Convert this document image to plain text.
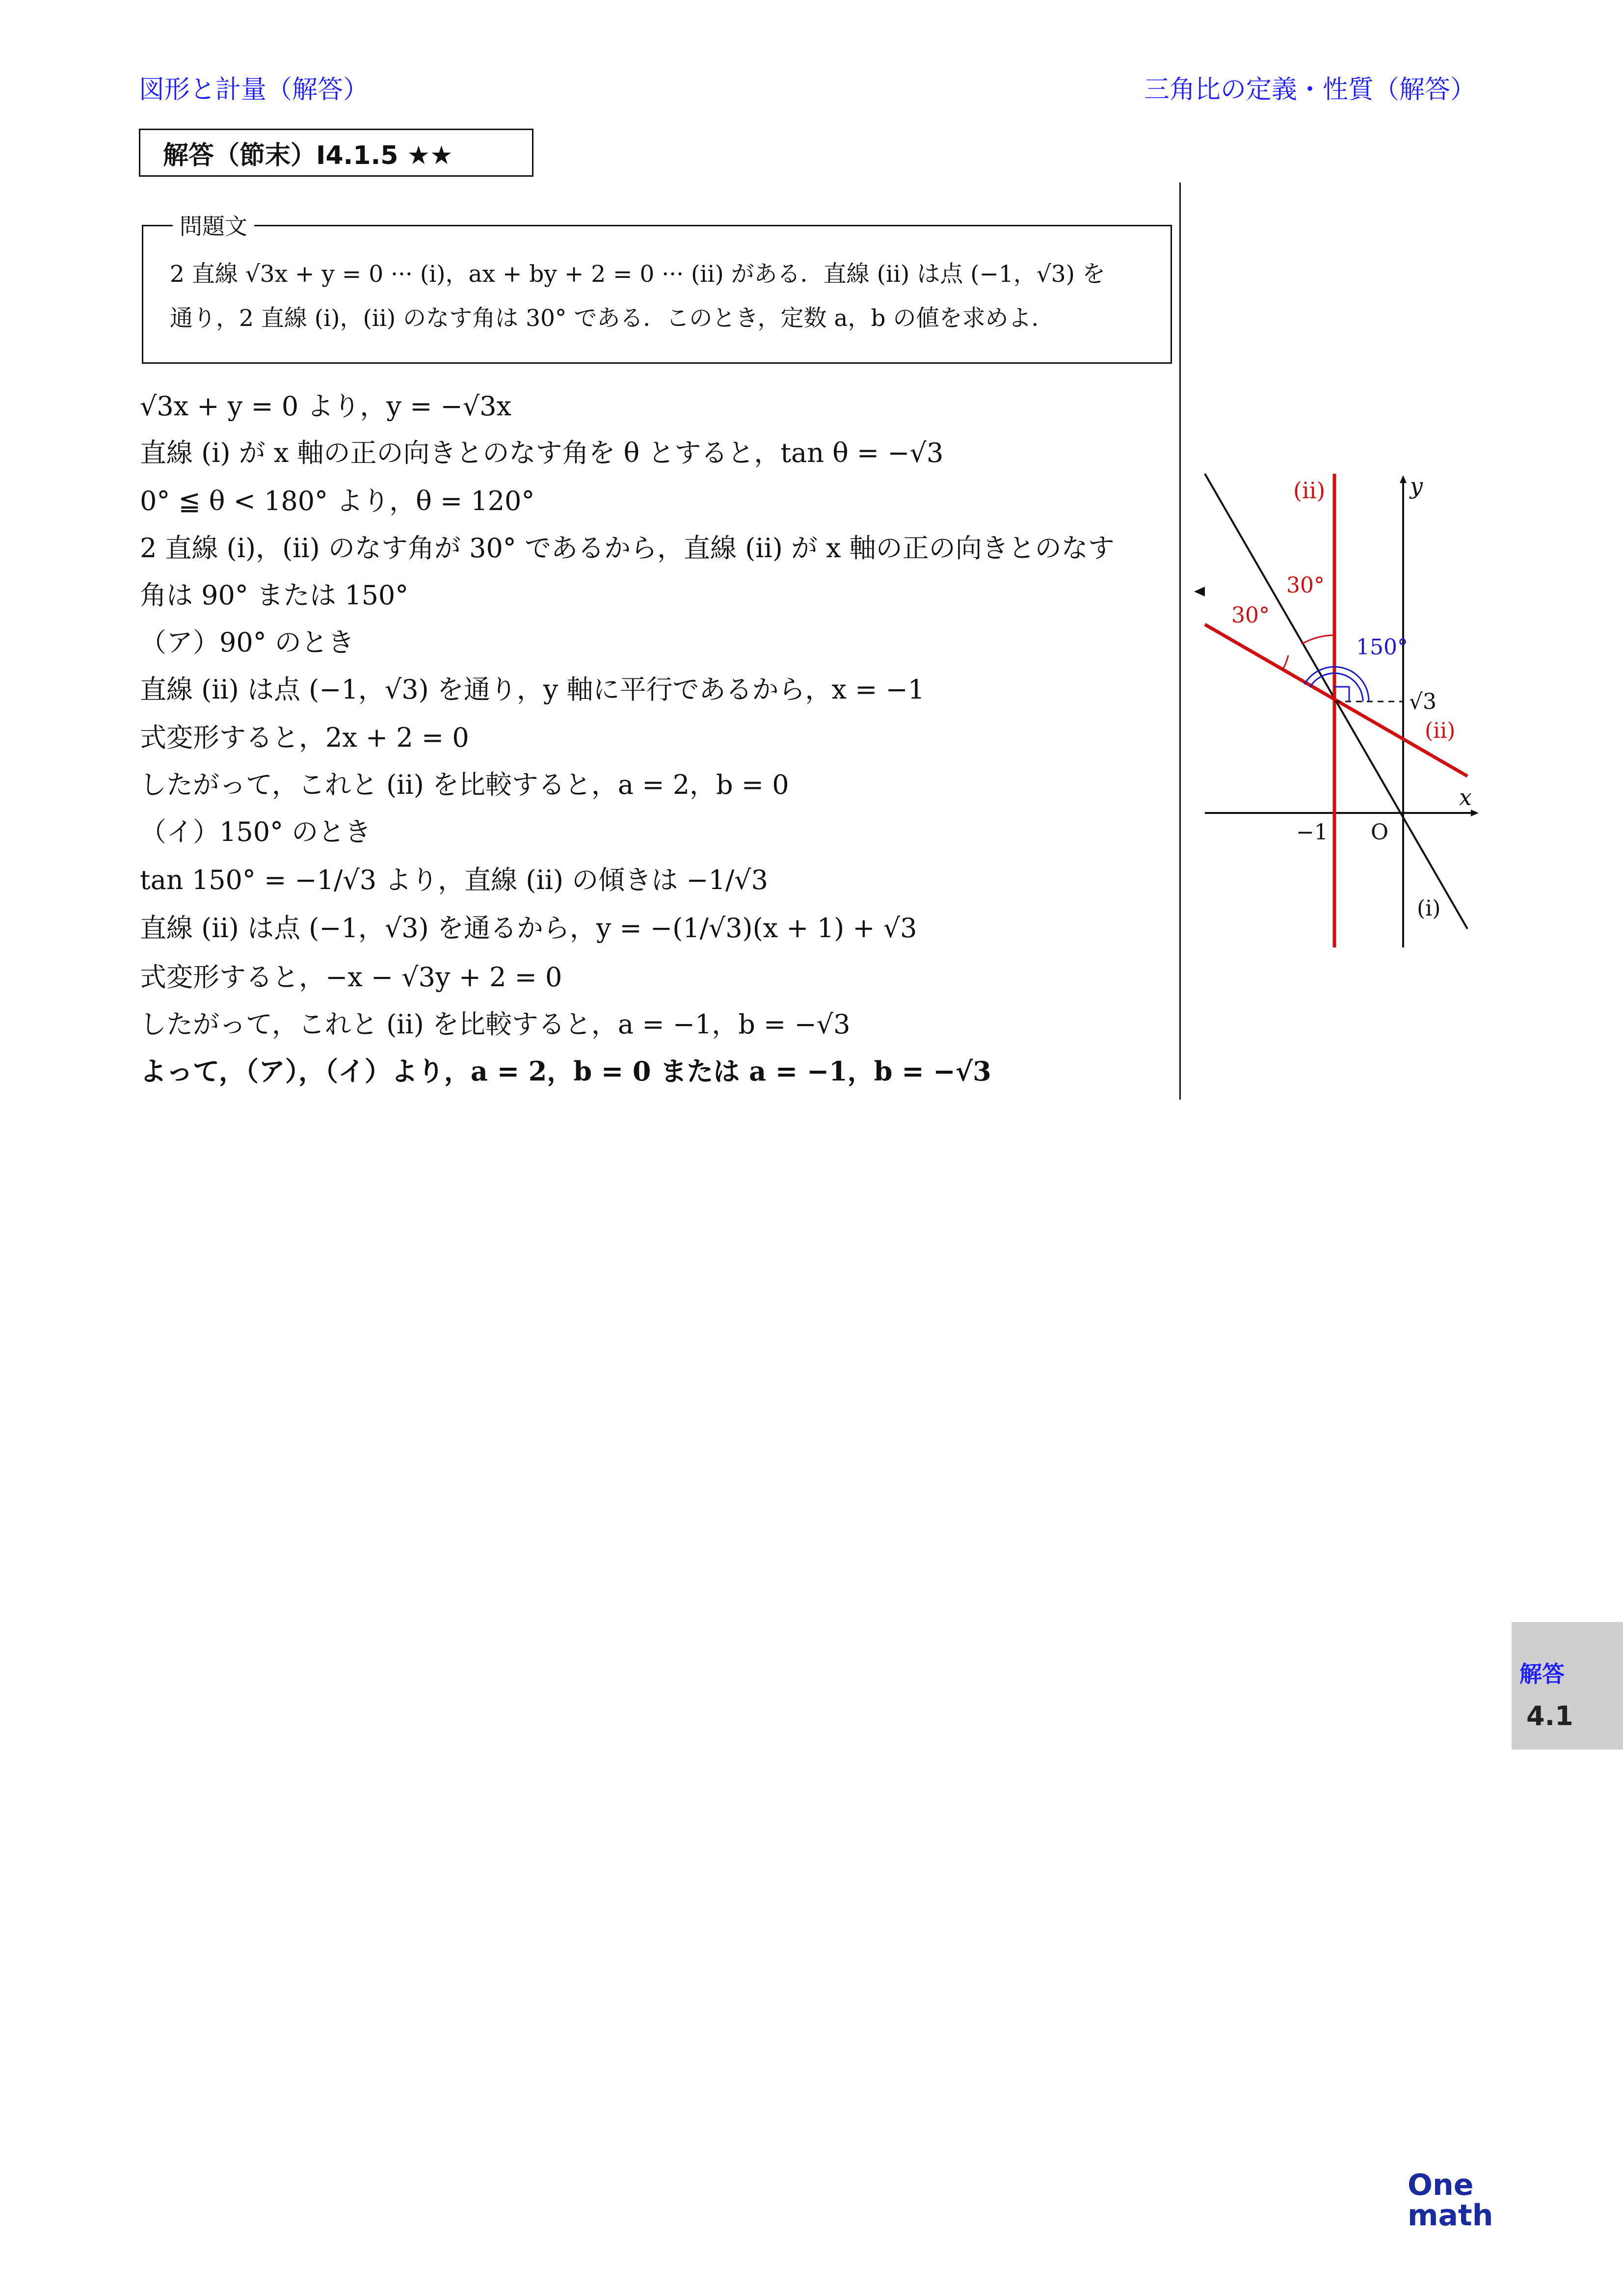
図形と計量（解答）	三角比の定義・性質（解答）
解答（節末）I4.1.5 ★★
問題文
2 直線 √3x + y = 0 ··· (i)，ax + by + 2 = 0 ··· (ii) がある．直線 (ii) は点 (−1，√3) を
通り，2 直線 (i)，(ii) のなす角は 30° である．このとき，定数 a，b の値を求めよ．
√3x + y = 0 より，y = −√3x
直線 (i) が x 軸の正の向きとのなす角を θ とすると，tan θ = −√3
0° ≦ θ < 180° より，θ = 120°
2 直線 (i)，(ii) のなす角が 30° であるから，直線 (ii) が x 軸の正の向きとのなす
角は 90° または 150°
（ア）90° のとき
直線 (ii) は点 (−1，√3) を通り，y 軸に平行であるから，x = −1
式変形すると，2x + 2 = 0
したがって，これと (ii) を比較すると，a = 2，b = 0
（イ）150° のとき
tan 150° = −1/√3 より，直線 (ii) の傾きは −1/√3
直線 (ii) は点 (−1，√3) を通るから，y = −(1/√3)(x + 1) + √3
式変形すると，−x − √3y + 2 = 0
したがって，これと (ii) を比較すると，a = −1，b = −√3
よって，（ア），（イ）より，a = 2，b = 0 または a = −1，b = −√3
(ii)	y
x
30°
30°
150°
√3
(ii)
−1 O
(i)
解答
4.1
One
math
